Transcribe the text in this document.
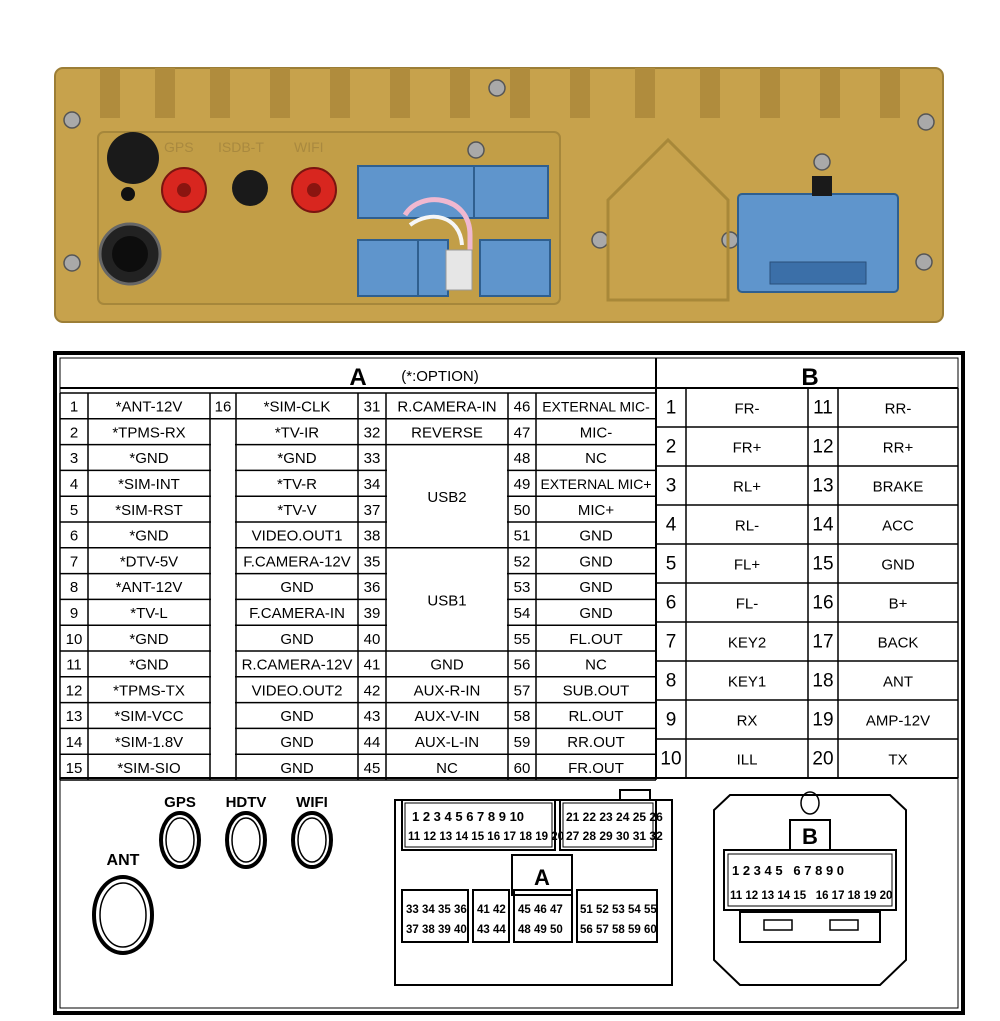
GPS ISDB-T WIFI
A (*:OPTION)	B
1 *ANT-12V 16 *SIM-CLK 31 R.CAMERA-IN 46 EXTERNAL MIC-
2 *TPMS-RX	*TV-IR	32 REVERSE 47	MIC-
3	*GND	*GND	33	48	NC
4	*SIM-INT	*TV-R	34	49 EXTERNAL MIC+
5 *SIM-RST	*TV-V	37	50	MIC+
6	*GND	VIDEO.OUT1 38	51	GND
7	*DTV-5V	F.CAMERA-12V 35	52	GND
8 *ANT-12V	GND	36	53	GND
9	*TV-L	F.CAMERA-IN 39	54	GND
10	*GND	GND	40	55	FL.OUT
11	*GND	R.CAMERA-12V 41	GND	56	NC
12 *TPMS-TX	VIDEO.OUT2 42 AUX-R-IN 57 SUB.OUT
13 *SIM-VCC	GND	43 AUX-V-IN 58	RL.OUT
14 *SIM-1.8V	GND	44 AUX-L-IN 59 RR.OUT
15 *SIM-SIO	GND	45	NC	60	FR.OUT
USB2
USB1
1	FR-	11	RR-
2	FR+	12	RR+
3	RL+	13	BRAKE
4	RL-	14	ACC
5	FL+	15	GND
6	FL-	16	B+
7	KEY2 17	BACK
8	KEY1 18	ANT
9	RX	19 AMP-12V
10	ILL	20	TX
GPS HDTV WIFI
ANT
A
1 2 3 4 5 6 7 8 9 10
11 12 13 14 15 16 17 18 19 20
21 22 23 24 25 26
27 28 29 30 31 32
33 34 35 36
37 38 39 40
41 42
43 44
45 46 47
48 49 50
51 52 53 54 55
56 57 58 59 60
B
1 2 3 4 5   6 7 8 9 0
11 12 13 14 15   16 17 18 19 20
